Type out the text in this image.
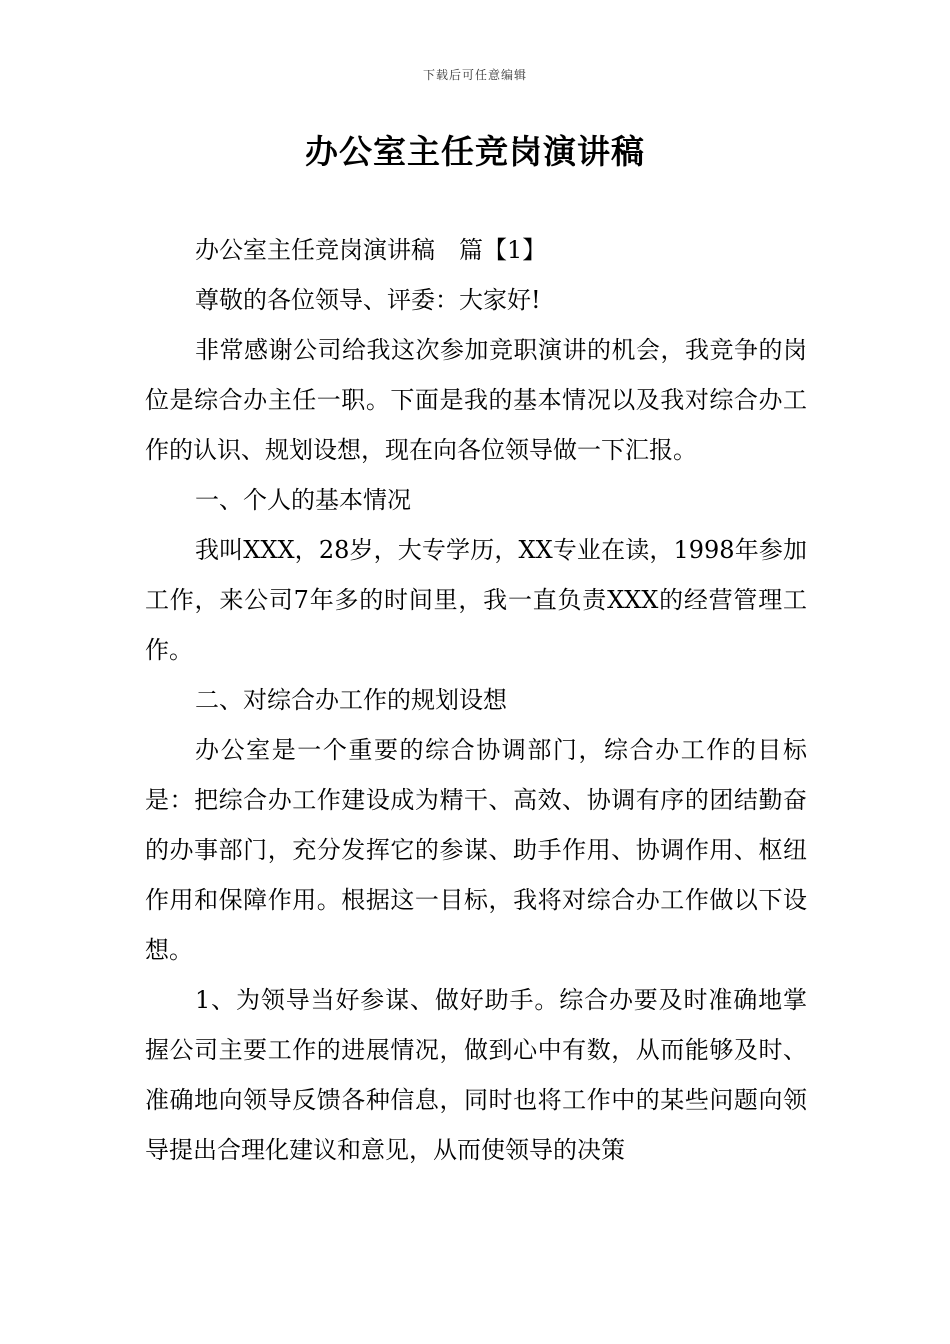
下载后可任意编辑
办公室主任竞岗演讲稿

办公室主任竞岗演讲稿　篇【1】

尊敬的各位领导、评委：大家好!

非常感谢公司给我这次参加竞职演讲的机会，我竞争的岗位是综合办主任一职。下面是我的基本情况以及我对综合办工作的认识、规划设想，现在向各位领导做一下汇报。

一、个人的基本情况

我叫XXX，28岁，大专学历，XX专业在读，1998年参加工作，来公司7年多的时间里，我一直负责XXX的经营管理工作。

二、对综合办工作的规划设想

办公室是一个重要的综合协调部门，综合办工作的目标是：把综合办工作建设成为精干、高效、协调有序的团结勤奋的办事部门，充分发挥它的参谋、助手作用、协调作用、枢纽作用和保障作用。根据这一目标，我将对综合办工作做以下设想。

1、为领导当好参谋、做好助手。综合办要及时准确地掌握公司主要工作的进展情况，做到心中有数，从而能够及时、准确地向领导反馈各种信息，同时也将工作中的某些问题向领导提出合理化建议和意见，从而使领导的决策
